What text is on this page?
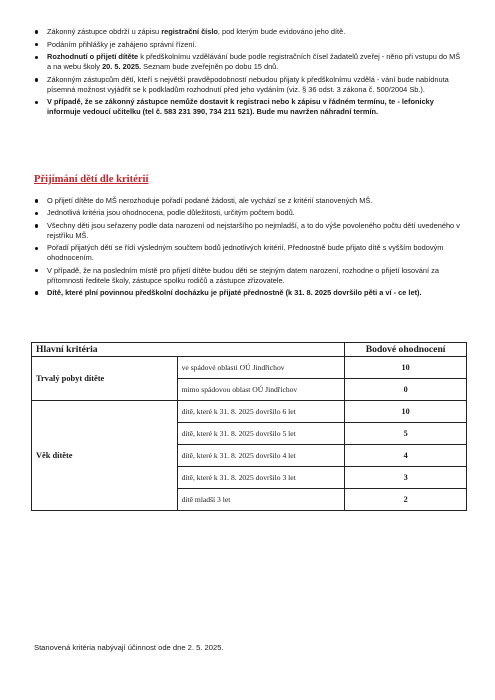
Zákonný zástupce obdrží u zápisu registrační číslo, pod kterým bude evidováno jeho dítě.
Podáním přihlášky je zahájeno správní řízení.
Rozhodnutí o přijetí dítěte k předškolnímu vzdělávání bude podle registračních čísel žadatelů zveřej - něno při vstupu do MŠ a na webu školy 20. 5. 2025. Seznam bude zveřejněn po dobu 15 dnů.
Zákonným zástupcům dětí, kteří s největší pravděpodobností nebudou přijaty k předškolnímu vzdělá - vání bude nabídnuta písemná možnost vyjádřit se k podkladům rozhodnutí před jeho vydáním (viz. § 36 odst. 3 zákona č. 500/2004 Sb.).
V případě, že se zákonný zástupce nemůže dostavit k registraci nebo k zápisu v řádném termínu, te - lefonicky informuje vedoucí učitelku (tel č. 583 231 390, 734 211 521). Bude mu navržen náhradní termín.
Přijímání dětí dle kritérií
O přijetí dítěte do MŠ nerozhoduje pořadí podané žádosti, ale vychází se z kritérií stanovených MŠ.
Jednotlivá kritéria jsou ohodnocena, podle důležitosti, určitým počtem bodů.
Všechny děti jsou seřazeny podle data narození od nejstaršího po nejmladší, a to do výše povoleného počtu dětí uvedeného v rejstříku MŠ.
Pořadí přijatých dětí se řídí výsledným součtem bodů jednotlivých kritérií. Přednostně bude přijato dítě s vyšším bodovým ohodnocením.
V případě, že na posledním místě pro přijetí dítěte budou děti se stejným datem narození, rozhodne o přijetí losování za přítomnosti ředitele školy, zástupce spolku rodičů a zástupce zřizovatele.
Dítě, které plní povinnou předškolní docházku je přijaté přednostně (k 31. 8. 2025 dovršilo pěti a ví - ce let).
Hlavní kritéria		Bodové ohodnocení
Trvalý pobyt dítěte	ve spádové oblasti OÚ Jindřichov	10
	mimo spádovou oblast OÚ Jindřichov	0
Věk dítěte	dítě, které k 31. 8. 2025 dovršilo 6 let	10
	dítě, které k 31. 8. 2025 dovršilo 5 let	5
	dítě, které k 31. 8. 2025 dovršilo 4 let	4
	dítě, které k 31. 8. 2025 dovršilo 3 let	3
	dítě mladší 3 let	2
Stanovená kritéria nabývají účinnost ode dne 2. 5. 2025.
